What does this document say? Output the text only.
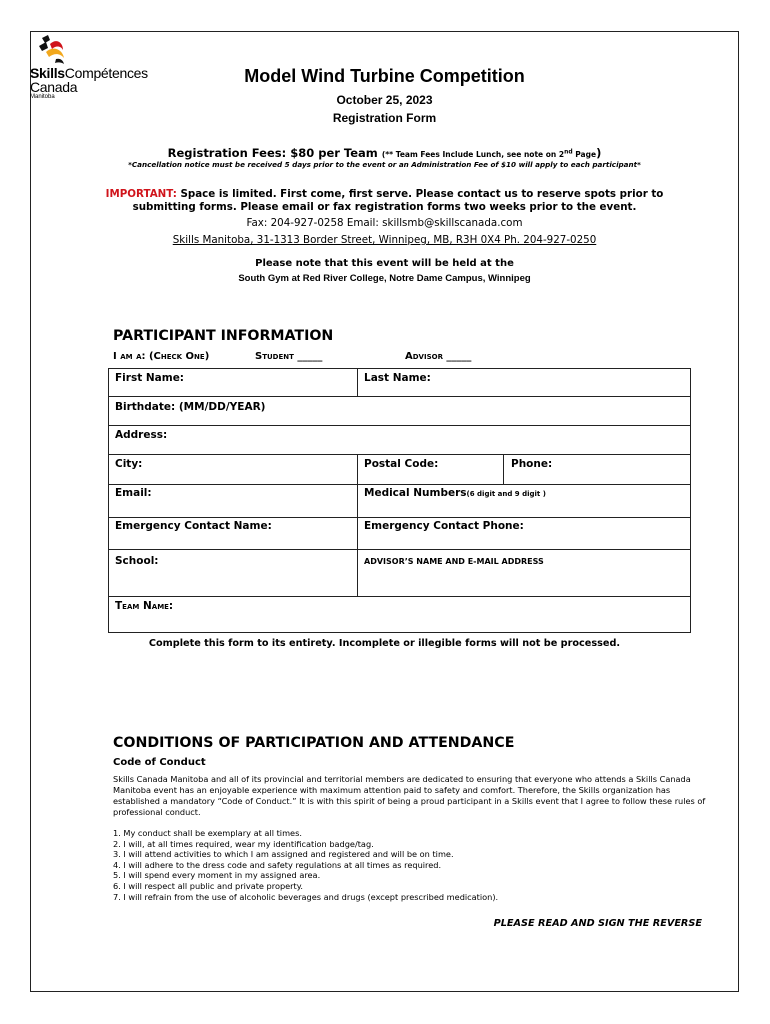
SkillsCompétences
Canada
Manitoba
Model Wind Turbine Competition
October 25, 2023
Registration Form
Registration Fees: $80 per Team (** Team Fees Include Lunch, see note on 2nd Page)
*Cancellation notice must be received 5 days prior to the event or an Administration Fee of $10 will apply to each participant*
IMPORTANT: Space is limited. First come, first serve. Please contact us to reserve spots prior to
submitting forms. Please email or fax registration forms two weeks prior to the event.
Fax: 204-927-0258 Email: skillsmb@skillscanada.com
Skills Manitoba, 31-1313 Border Street, Winnipeg, MB, R3H 0X4 Ph. 204-927-0250
Please note that this event will be held at the
South Gym at Red River College, Notre Dame Campus, Winnipeg
PARTICIPANT INFORMATION
I am a: (Check One)	Student _____	Advisor _____
First Name:	Last Name:
Birthdate: (MM/DD/YEAR)
Address:
City:	Postal Code:	Phone:
Email:	Medical Numbers(6 digit and 9 digit )
Emergency Contact Name:	Emergency Contact Phone:
School:	ADVISOR’S NAME AND E-MAIL ADDRESS
Team Name:
Complete this form to its entirety. Incomplete or illegible forms will not be processed.
CONDITIONS OF PARTICIPATION AND ATTENDANCE
Code of Conduct
Skills Canada Manitoba and all of its provincial and territorial members are dedicated to ensuring that everyone who attends a Skills Canada Manitoba event has an enjoyable experience with maximum attention paid to safety and comfort. Therefore, the Skills organization has established a mandatory “Code of Conduct.” It is with this spirit of being a proud participant in a Skills event that I agree to follow these rules of professional conduct.
1. My conduct shall be exemplary at all times.
2. I will, at all times required, wear my identification badge/tag.
3. I will attend activities to which I am assigned and registered and will be on time.
4. I will adhere to the dress code and safety regulations at all times as required.
5. I will spend every moment in my assigned area.
6. I will respect all public and private property.
7. I will refrain from the use of alcoholic beverages and drugs (except prescribed medication).
PLEASE READ AND SIGN THE REVERSE
